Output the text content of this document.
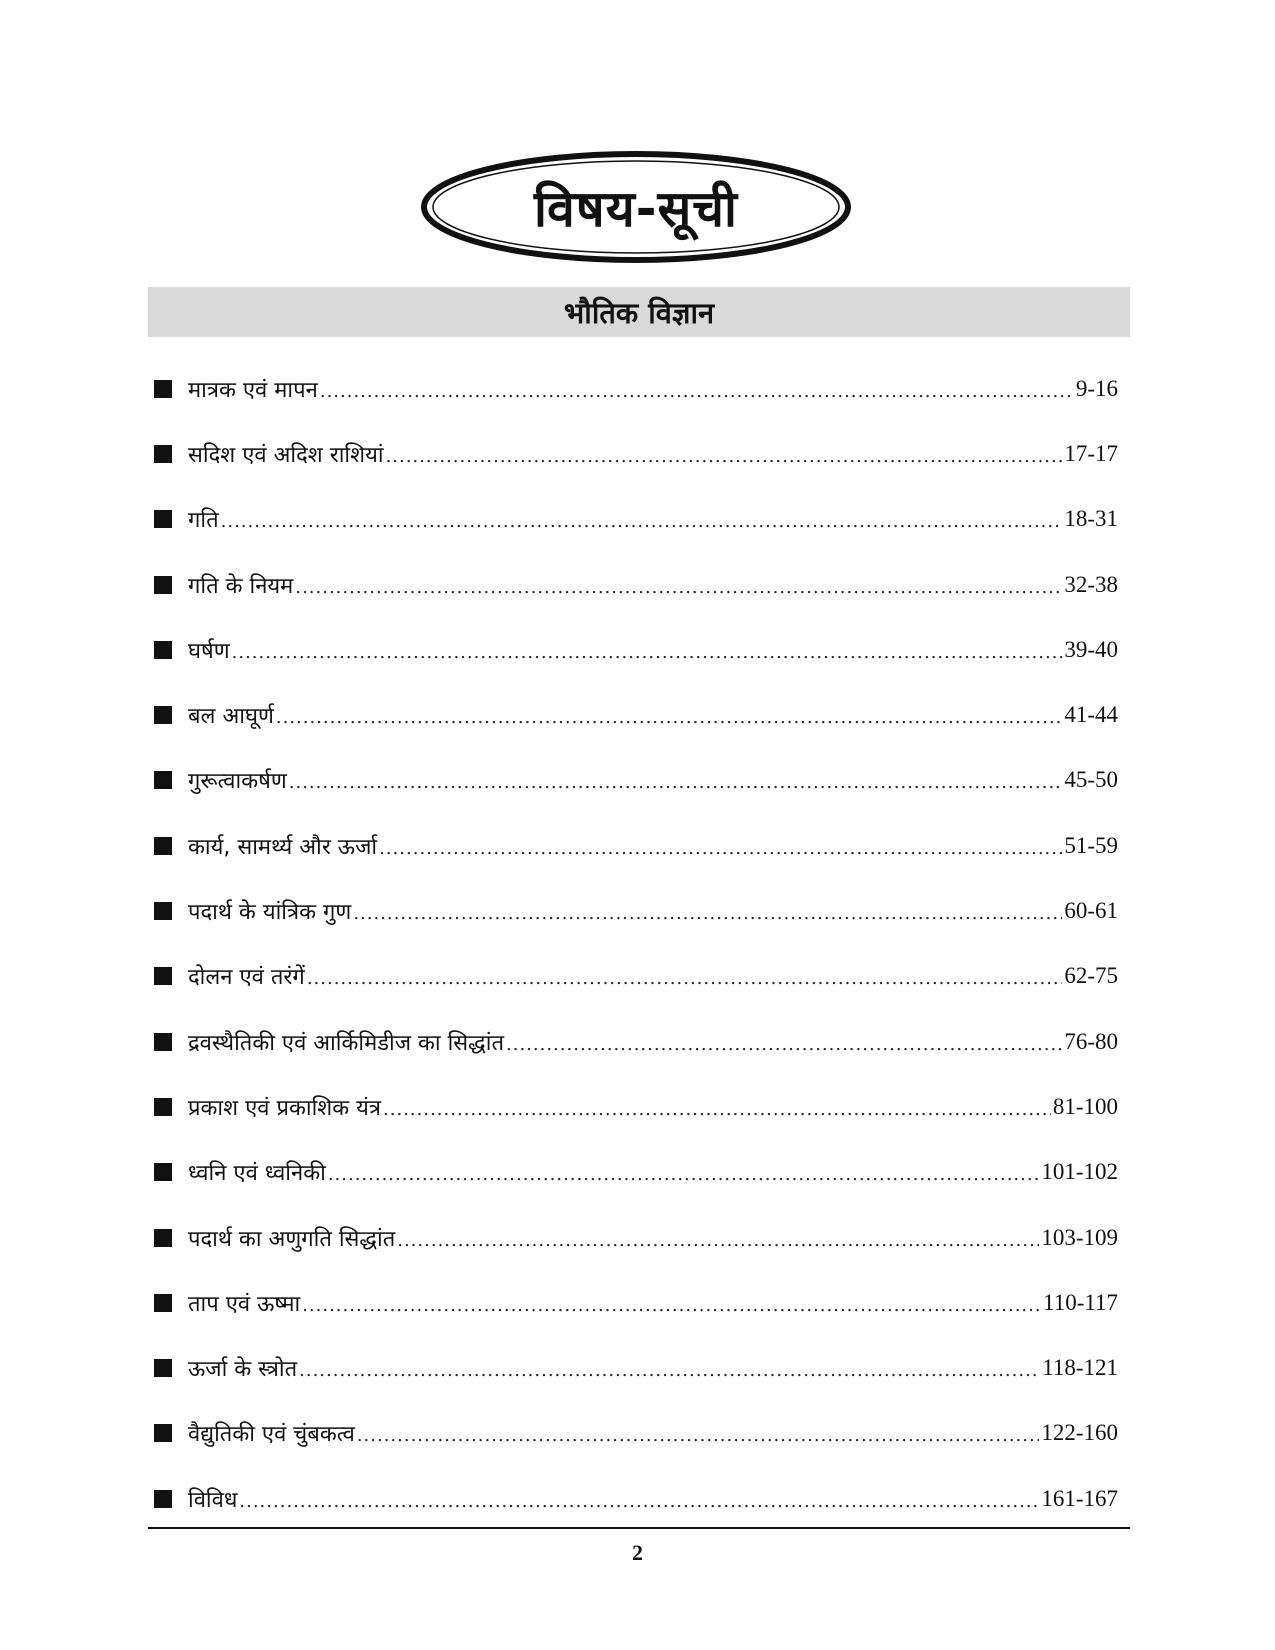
विषय-सूची
भौतिक विज्ञान
मात्रक एवं मापन .....	9-16
सदिश एवं अदिश राशियां .....	17-17
गति .....	18-31
गति के नियम .....	32-38
घर्षण .....	39-40
बल आघूर्ण .....	41-44
गुरूत्वाकर्षण .....	45-50
कार्य, सामर्थ्य और ऊर्जा .....	51-59
पदार्थ के यांत्रिक गुण .....	60-61
दोलन एवं तरंगें .....	62-75
द्रवस्थैतिकी एवं आर्किमिडीज का सिद्धांत .....	76-80
प्रकाश एवं प्रकाशिक यंत्र .....	81-100
ध्वनि एवं ध्वनिकी .....	101-102
पदार्थ का अणुगति सिद्धांत .....	103-109
ताप एवं ऊष्मा .....	110-117
ऊर्जा के स्त्रोत .....	118-121
वैद्युतिकी एवं चुंबकत्व .....	122-160
विविध .....	161-167
2
